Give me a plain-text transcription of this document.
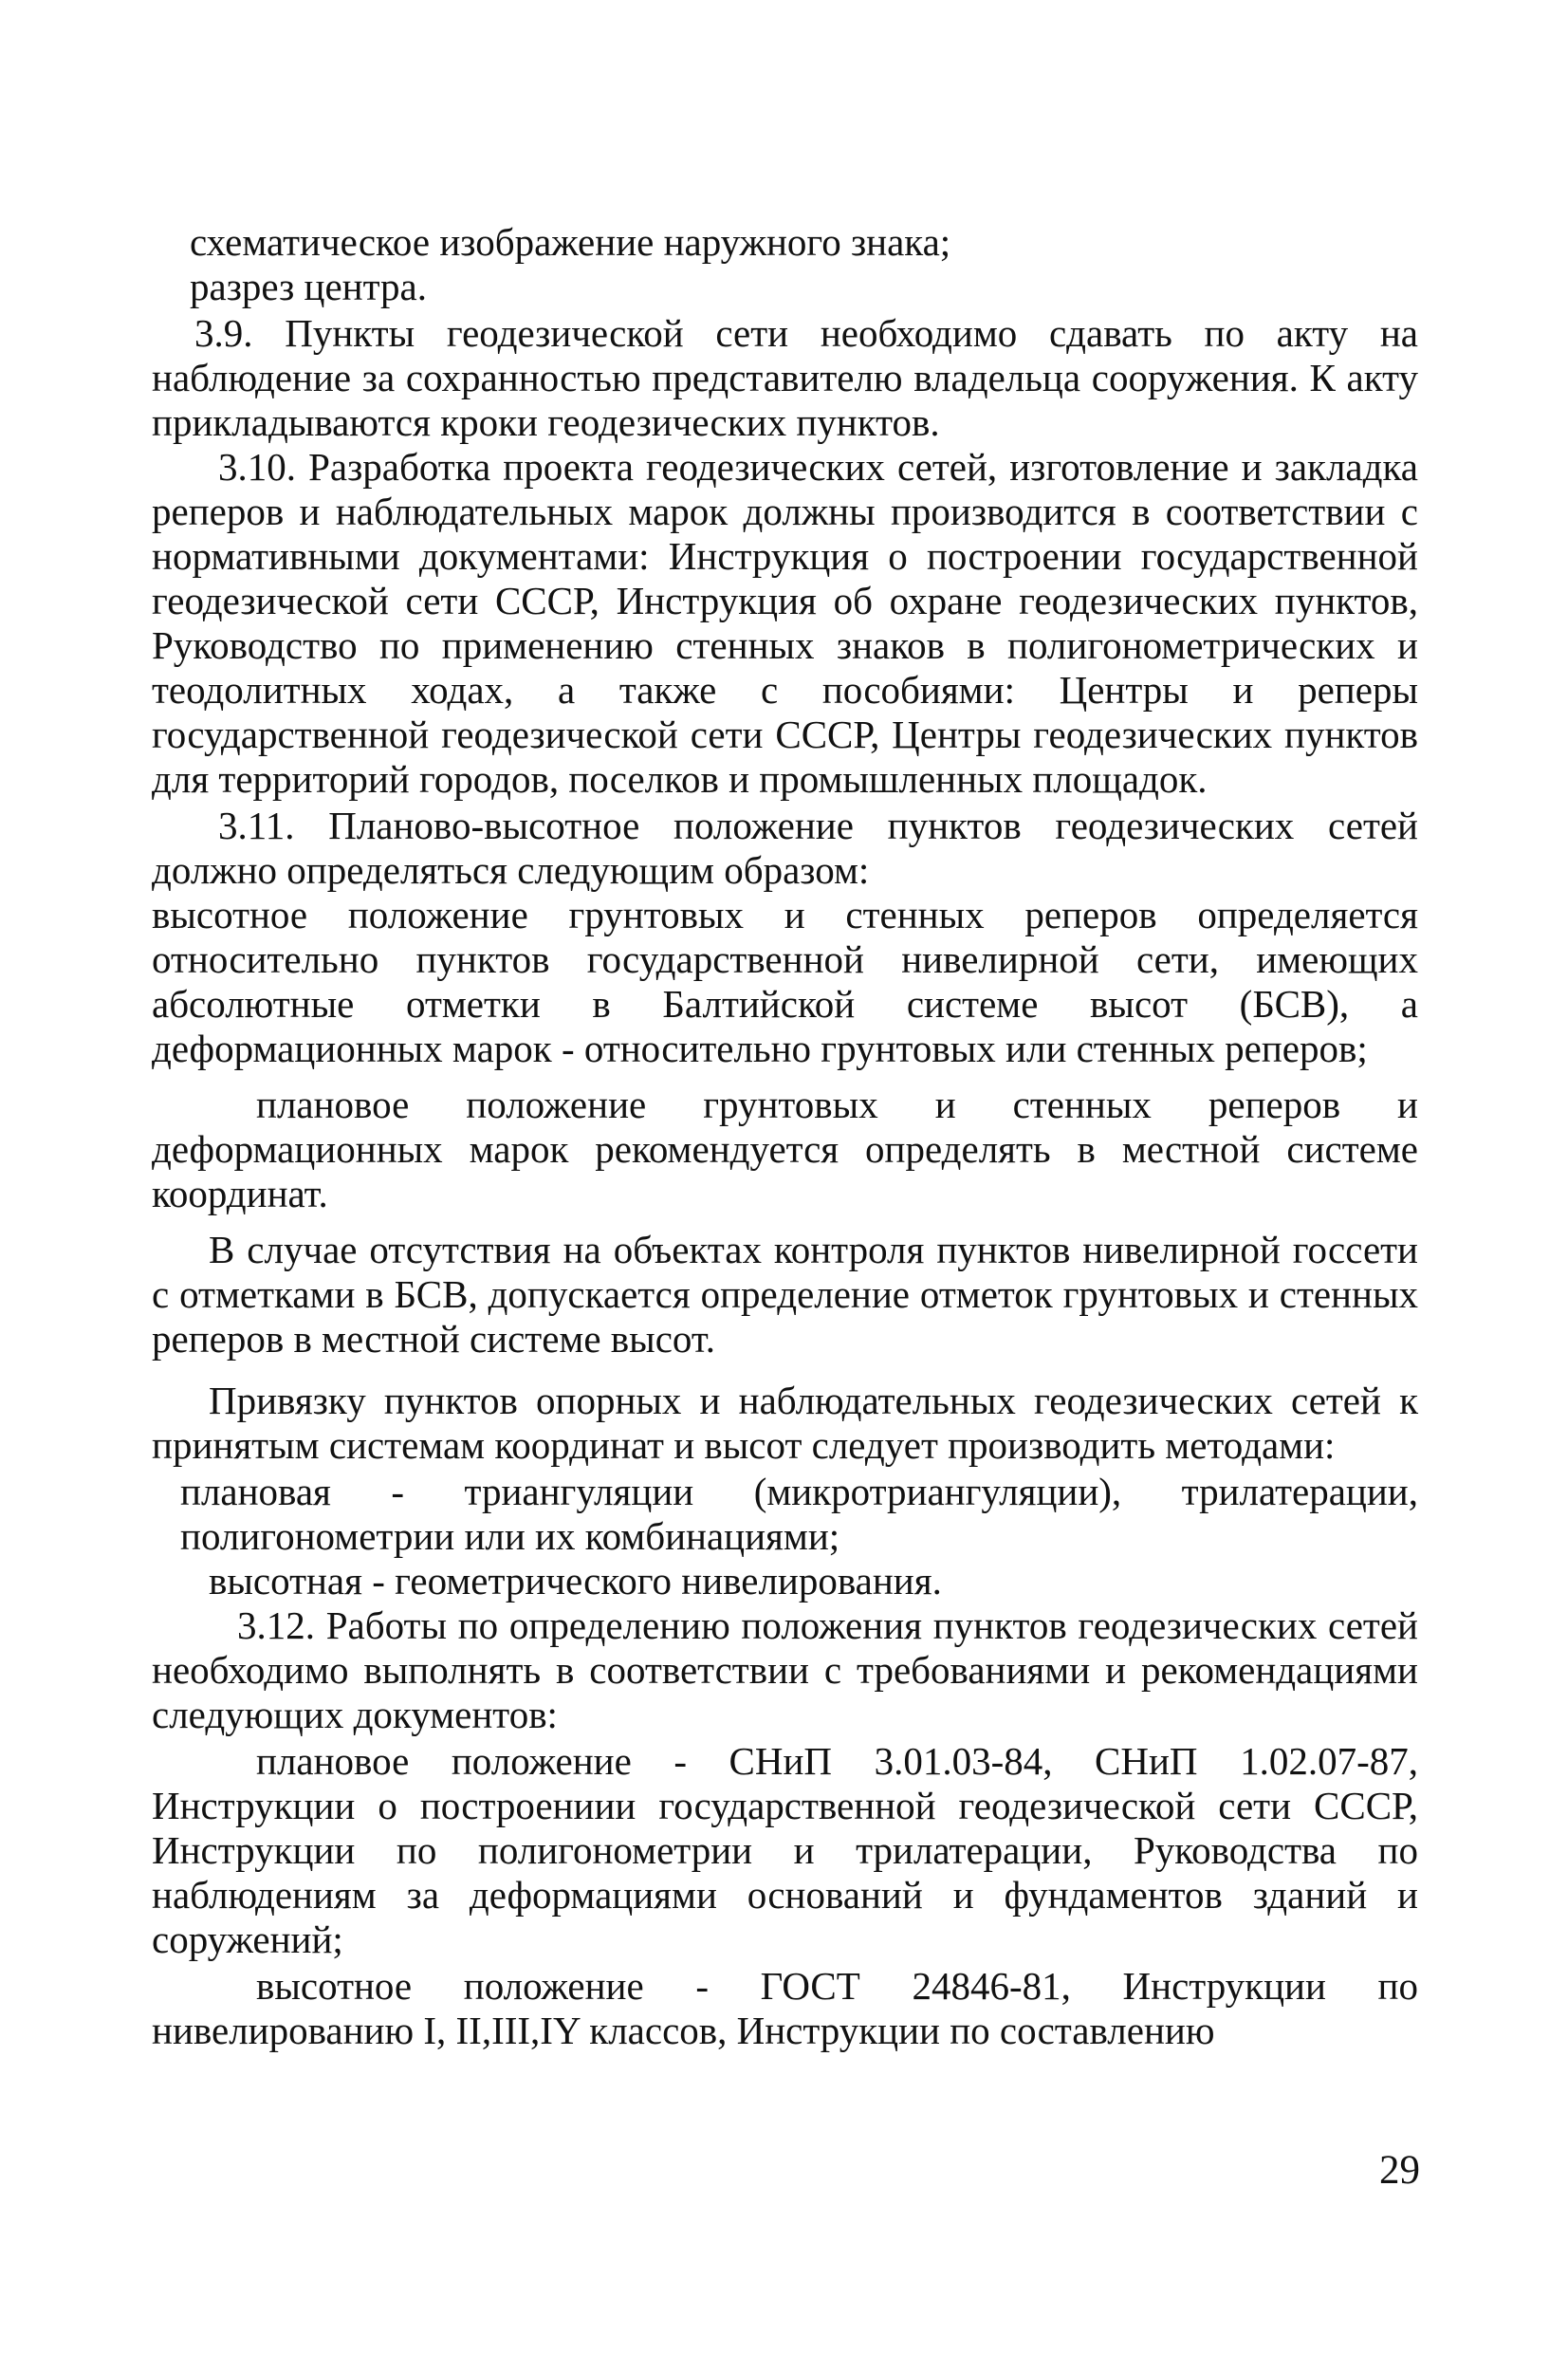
схематическое изображение наружного знака;

разрез центра.

3.9. Пункты геодезической сети необходимо сдавать по акту на наблюдение за сохранностью представителю владельца сооружения. К акту прикладываются кроки геодезических пунктов.

3.10. Разработка проекта геодезических сетей, изготовление и закладка реперов и наблюдательных марок должны производится в соответствии с нормативными документами: Инструкция о построении государственной геодезической сети СССР, Инструкция об охране геодезических пунктов, Руководство по применению стенных знаков в полигонометрических и теодолитных ходах, а также с пособиями: Центры и реперы государственной геодезической сети СССР, Центры геодезических пунктов для территорий городов, поселков и промышленных площадок.

3.11. Планово-высотное положение пунктов геодезических сетей должно определяться следующим образом:

высотное положение грунтовых и стенных реперов определяется относительно пунктов государственной нивелирной сети, имеющих абсолютные отметки в Балтийской системе высот (БСВ), а деформационных марок - относительно грунтовых или стенных реперов;

плановое положение грунтовых и стенных реперов и деформационных марок рекомендуется определять в местной системе координат.

В случае отсутствия на объектах контроля пунктов нивелирной госсети с отметками в БСВ, допускается определение отметок грунтовых и стенных реперов в местной системе высот.

Привязку пунктов опорных и наблюдательных геодезических сетей к принятым системам координат и высот следует производить методами:

плановая - триангуляции (микротриангуляции), трилатерации, полигонометрии или их комбинациями;

высотная - геометрического нивелирования.

3.12. Работы по определению положения пунктов геодезических сетей необходимо выполнять в соответствии с требованиями и рекомендациями следующих документов:

плановое положение - СНиП 3.01.03-84, СНиП 1.02.07-87, Инструкции о построениии государственной геодезической сети СССР, Инструкции по полигонометрии и трилатерации, Руководства по наблюдениям за деформациями оснований и фундаментов зданий и соружений;

высотное положение - ГОСТ 24846-81, Инструкции по нивелированию I, II,III,IY классов, Инструкции по составлению

29
